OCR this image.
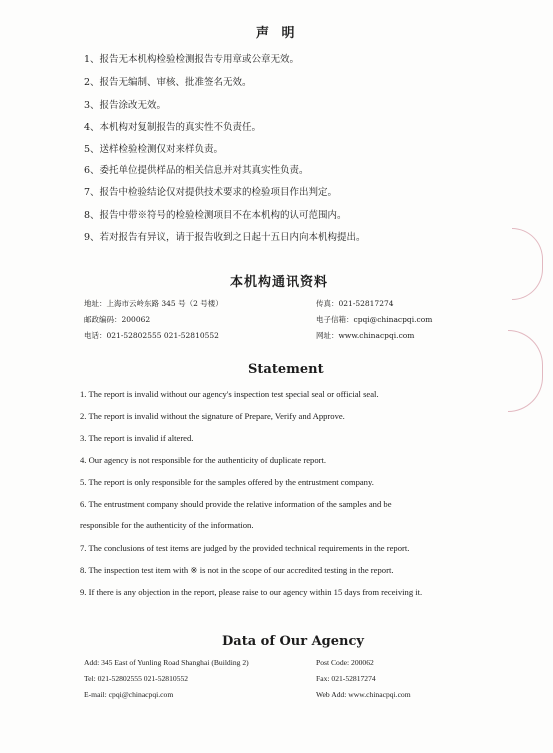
声 明
1、报告无本机构检验检测报告专用章或公章无效。
2、报告无编制、审核、批准签名无效。
3、报告涂改无效。
4、本机构对复制报告的真实性不负责任。
5、送样检验检测仅对来样负责。
6、委托单位提供样品的相关信息并对其真实性负责。
7、报告中检验结论仅对提供技术要求的检验项目作出判定。
8、报告中带※符号的检验检测项目不在本机构的认可范围内。
9、若对报告有异议，请于报告收到之日起十五日内向本机构提出。
本机构通讯资料
地址：上海市云岭东路 345 号（2 号楼）
邮政编码：200062
电话：021-52802555 021-52810552
传真：021-52817274
电子信箱：cpqi@chinacpqi.com
网址：www.chinacpqi.com
Statement
1. The report is invalid without our agency's inspection test special seal or official seal.
2. The report is invalid without the signature of Prepare, Verify and Approve.
3. The report is invalid if altered.
4. Our agency is not responsible for the authenticity of duplicate report.
5. The report is only responsible for the samples offered by the entrustment company.
6. The entrustment company should provide the relative information of the samples and be
responsible for the authenticity of the information.
7. The conclusions of test items are judged by the provided technical requirements in the report.
8. The inspection test item with ※ is not in the scope of our accredited testing in the report.
9. If there is any objection in the report, please raise to our agency within 15 days from receiving it.
Data of Our Agency
Add: 345 East of Yunling Road Shanghai (Building 2)
Tel: 021-52802555 021-52810552
E-mail: cpqi@chinacpqi.com
Post Code: 200062
Fax: 021-52817274
Web Add: www.chinacpqi.com
